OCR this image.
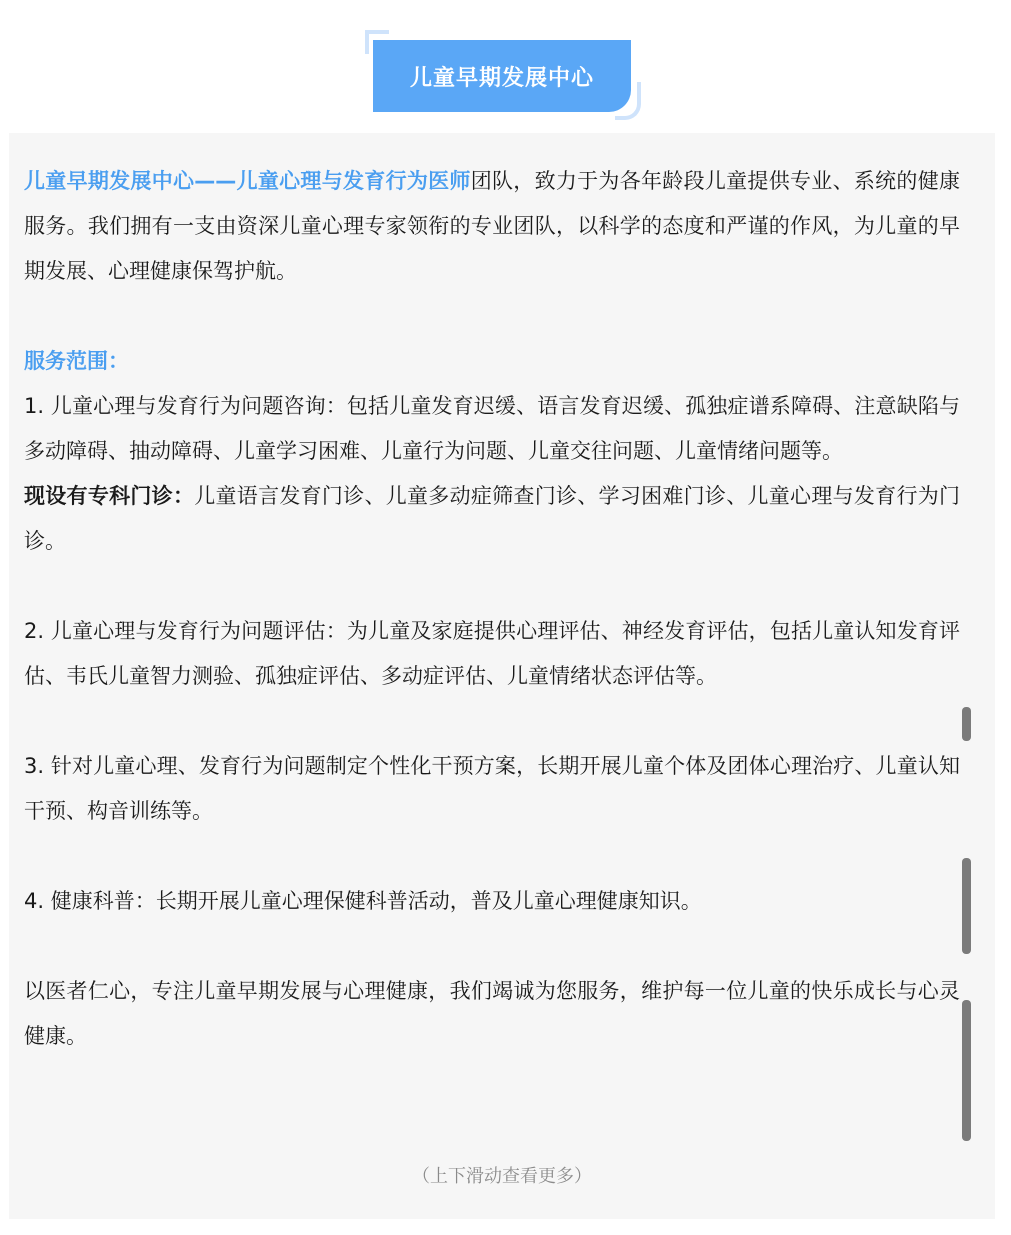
儿童早期发展中心

儿童早期发展中心——儿童心理与发育行为医师团队，致力于为各年龄段儿童提供专业、系统的健康服务。我们拥有一支由资深儿童心理专家领衔的专业团队，以科学的态度和严谨的作风，为儿童的早期发展、心理健康保驾护航。

服务范围：

1. 儿童心理与发育行为问题咨询：包括儿童发育迟缓、语言发育迟缓、孤独症谱系障碍、注意缺陷与多动障碍、抽动障碍、儿童学习困难、儿童行为问题、儿童交往问题、儿童情绪问题等。

现设有专科门诊：儿童语言发育门诊、儿童多动症筛查门诊、学习困难门诊、儿童心理与发育行为门诊。

2. 儿童心理与发育行为问题评估：为儿童及家庭提供心理评估、神经发育评估，包括儿童认知发育评估、韦氏儿童智力测验、孤独症评估、多动症评估、儿童情绪状态评估等。

3. 针对儿童心理、发育行为问题制定个性化干预方案，长期开展儿童个体及团体心理治疗、儿童认知干预、构音训练等。

4. 健康科普：长期开展儿童心理保健科普活动，普及儿童心理健康知识。

以医者仁心，专注儿童早期发展与心理健康，我们竭诚为您服务，维护每一位儿童的快乐成长与心灵健康。

（上下滑动查看更多）
